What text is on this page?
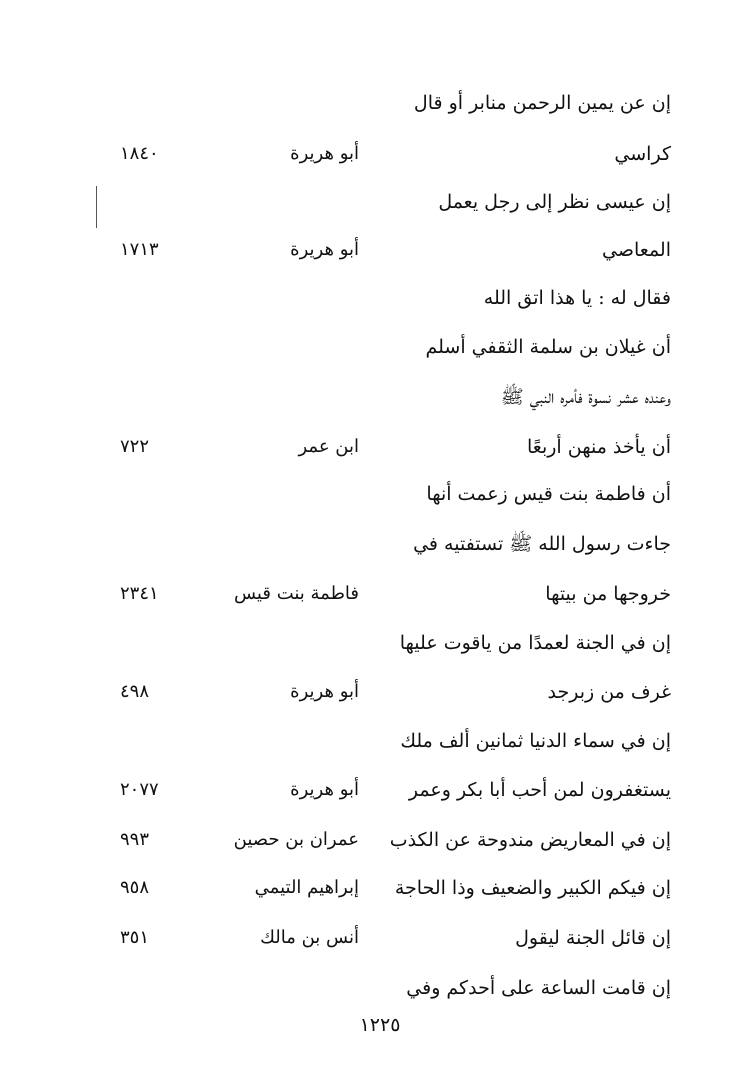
إن عن يمين الرحمن منابر أو قال
كراسي
أبو هريرة
١٨٤٠
إن عيسى نظر إلى رجل يعمل
المعاصي
أبو هريرة
١٧١٣
فقال له : يا هذا اتق الله
أن غيلان بن سلمة الثقفي أسلم
وعنده عشر نسوة فأمره النبي ﷺ
أن يأخذ منهن أربعًا
ابن عمر
٧٢٢
أن فاطمة بنت قيس زعمت أنها
جاءت رسول الله ﷺ تستفتيه في
خروجها من بيتها
فاطمة بنت قيس
٢٣٤١
إن في الجنة لعمدًا من ياقوت عليها
غرف من زبرجد
أبو هريرة
٤٩٨
إن في سماء الدنيا ثمانين ألف ملك
يستغفرون لمن أحب أبا بكر وعمر
أبو هريرة
٢٠٧٧
إن في المعاريض مندوحة عن الكذب
عمران بن حصين
٩٩٣
إن فيكم الكبير والضعيف وذا الحاجة
إبراهيم التيمي
٩٥٨
إن قائل الجنة ليقول
أنس بن مالك
٣٥١
إن قامت الساعة على أحدكم وفي
١٢٢٥
